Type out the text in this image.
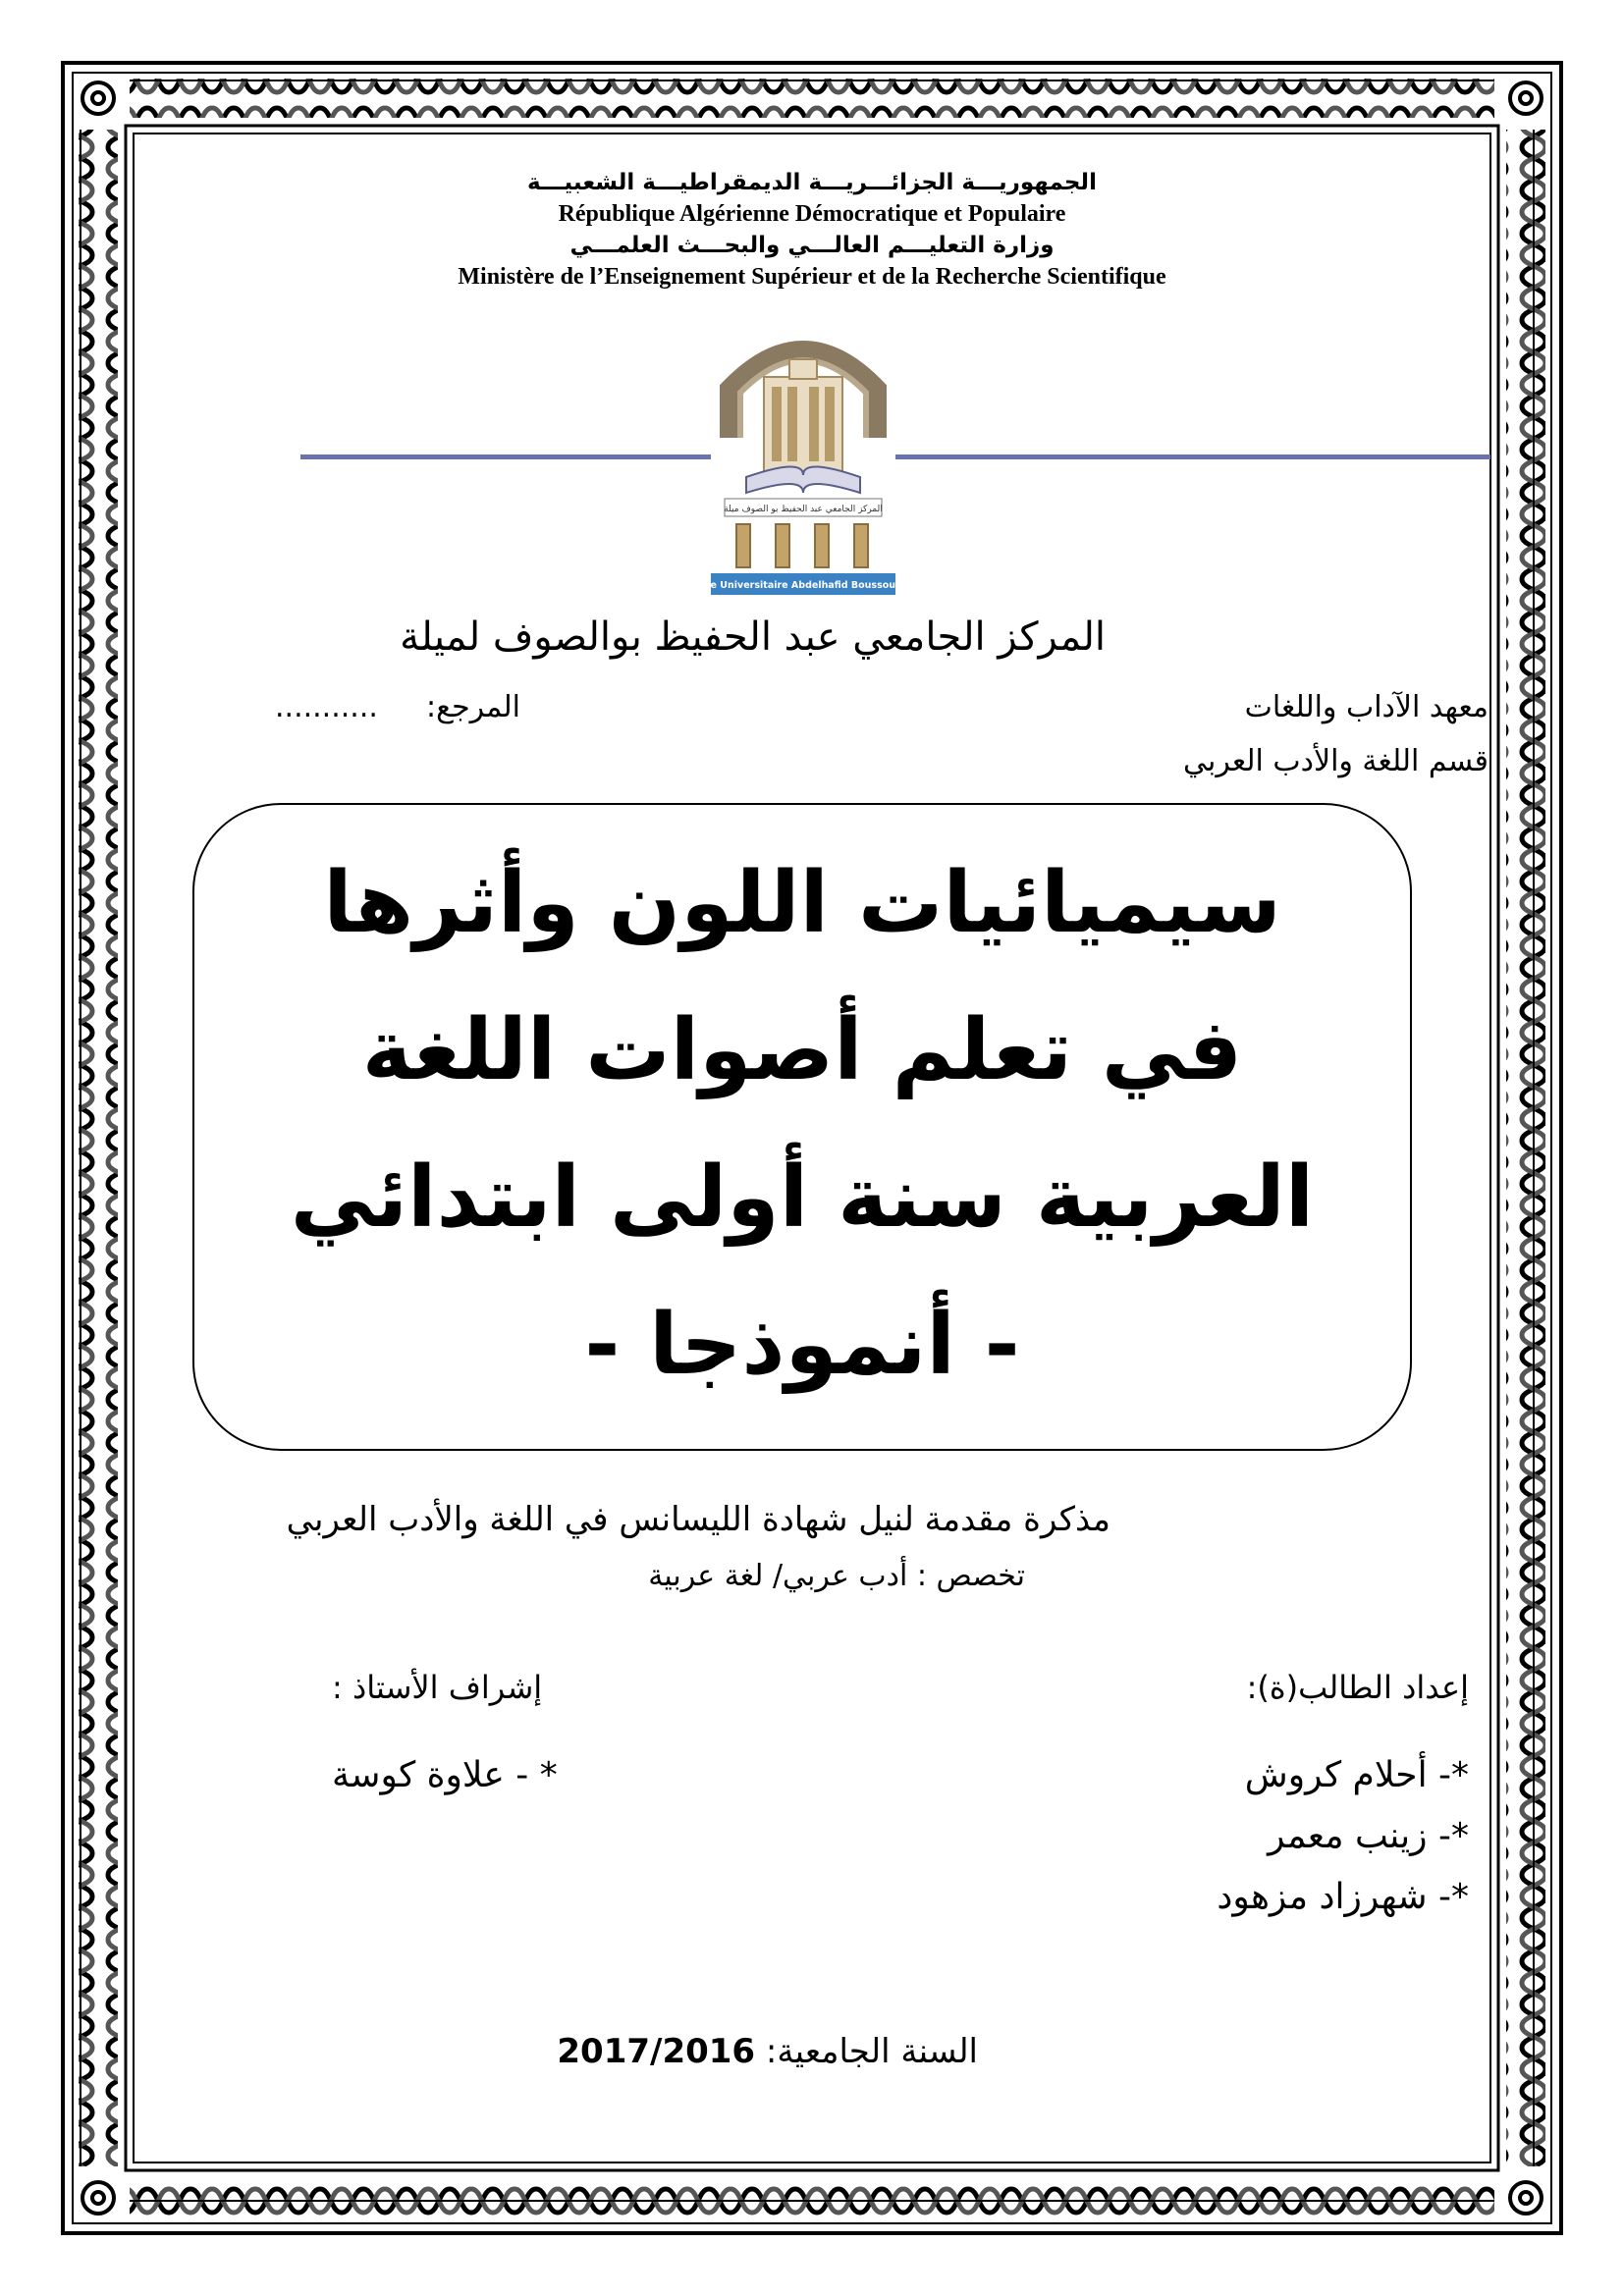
الجمهوريـــة الجزائـــريـــة الديمقراطيـــة الشعبيـــة
République Algérienne Démocratique et Populaire
وزارة التعليـــم العالـــي والبحـــث العلمـــي
Ministère de l’Enseignement Supérieur et de la Recherche Scientifique
المركز الجامعي عبد الحفيظ بو الصوف ميلة
Centre Universitaire Abdelhafid Boussouf Mila
المركز الجامعي عبد الحفيظ بوالصوف لميلة
معهد الآداب واللغات
المرجع:  ...........
قسم اللغة والأدب العربي
سيميائيات اللون وأثرها
في تعلم أصوات اللغة
العربية سنة أولى ابتدائي
- أنموذجا -
مذكرة مقدمة لنيل شهادة الليسانس في اللغة والأدب العربي
تخصص : أدب عربي/ لغة عربية
إعداد الطالب(ة):
إشراف الأستاذ :
*- أحلام كروش
*- زينب معمر
*- شهرزاد مزهود
* - علاوة كوسة
السنة الجامعية: 2017/2016
